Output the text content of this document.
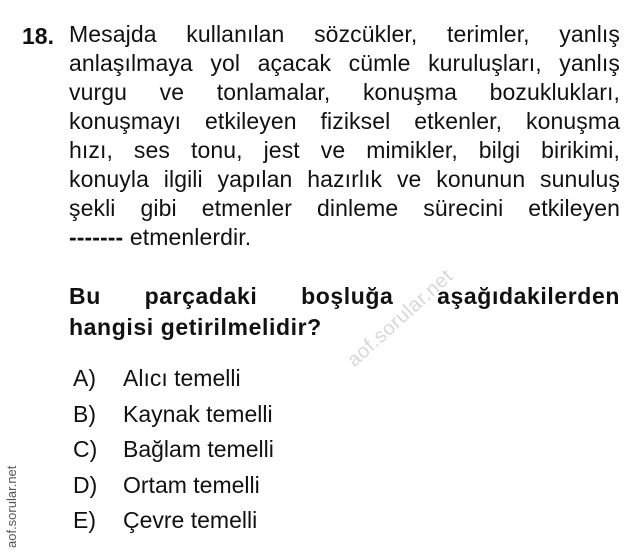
18. Mesajda kullanılan sözcükler, terimler, yanlış
anlaşılmaya yol açacak cümle kuruluşları, yanlış
vurgu ve tonlamalar, konuşma bozuklukları,
konuşmayı etkileyen fiziksel etkenler, konuşma
hızı, ses tonu, jest ve mimikler, bilgi birikimi,
konuyla ilgili yapılan hazırlık ve konunun sunuluş
şekli gibi etmenler dinleme sürecini etkileyen
------- etmenlerdir.
Bu parçadaki boşluğa aşağıdakilerden
hangisi getirilmelidir?
A)	Alıcı temelli
B)	Kaynak temelli
C)	Bağlam temelli
D)	Ortam temelli
E)	Çevre temelli
aof.sorular.net
aof.sorular.net
